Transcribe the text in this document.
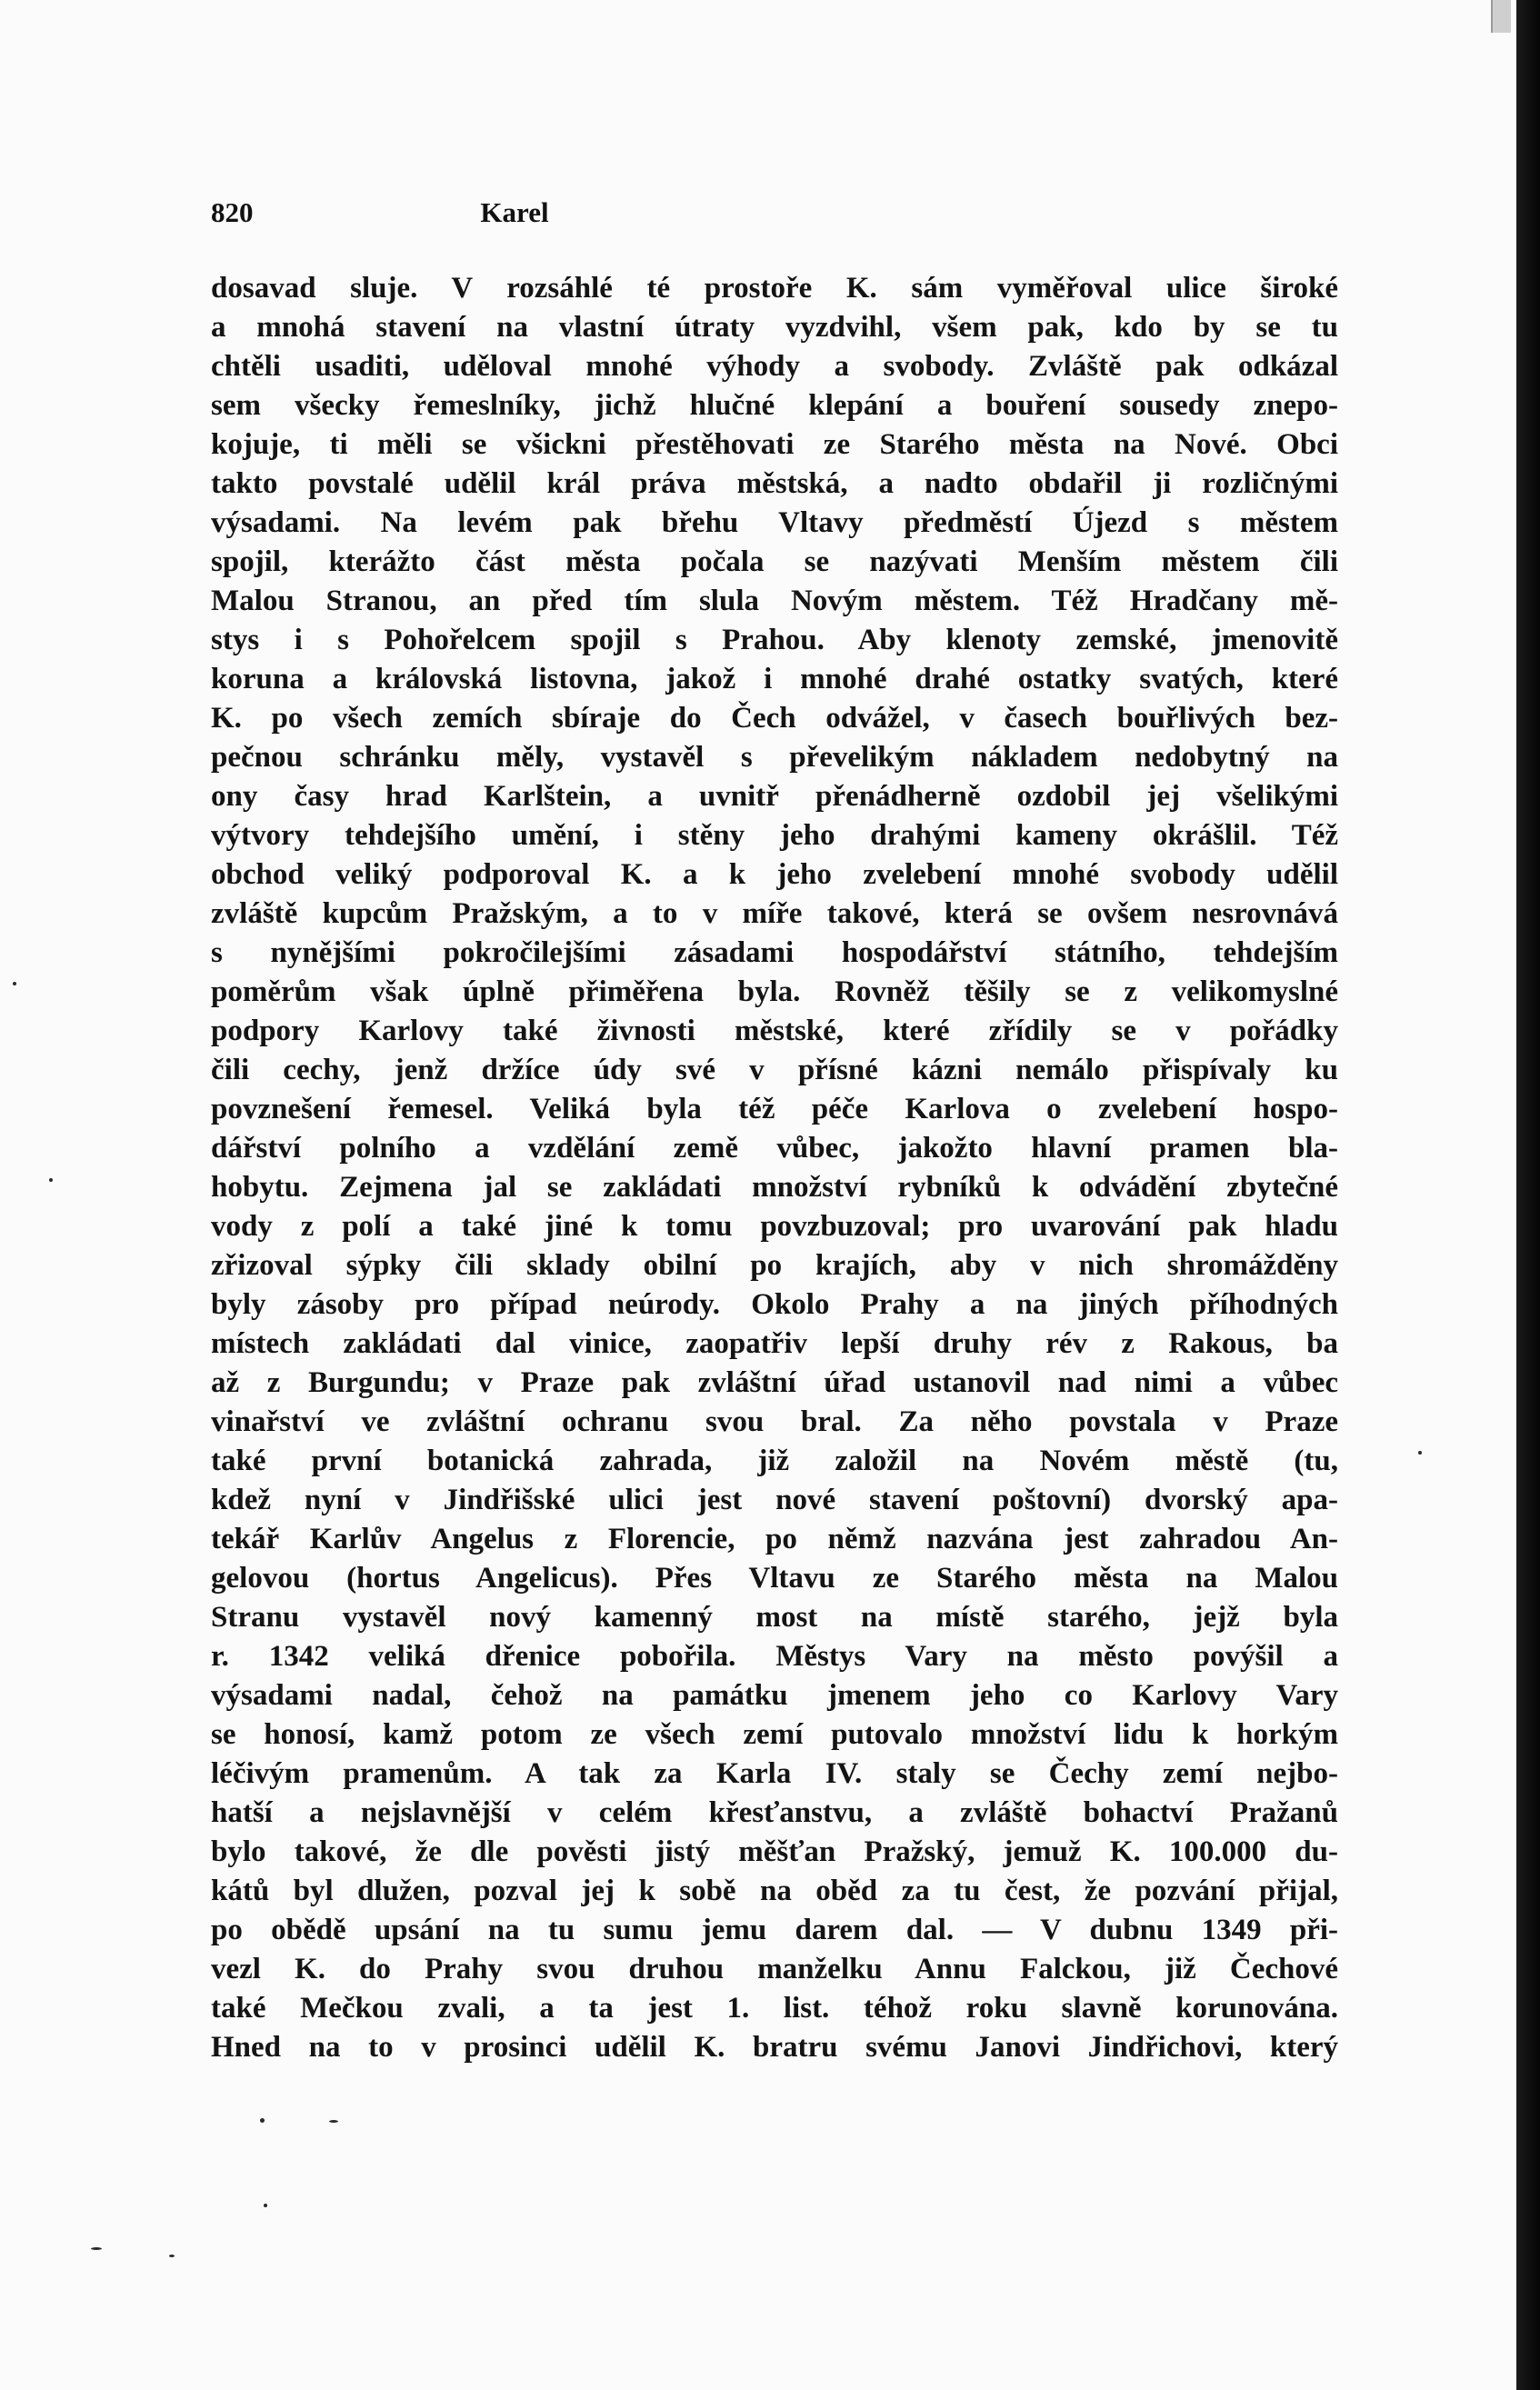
820	Karel
dosavad sluje. V rozsáhlé té prostoře K. sám vyměřoval ulice široké
a mnohá stavení na vlastní útraty vyzdvihl, všem pak, kdo by se tu
chtěli usaditi, uděloval mnohé výhody a svobody. Zvláště pak odkázal
sem všecky řemeslníky, jichž hlučné klepání a bouření sousedy znepo-
kojuje, ti měli se všickni přestěhovati ze Starého města na Nové. Obci
takto povstalé udělil král práva městská, a nadto obdařil ji rozličnými
výsadami. Na levém pak břehu Vltavy předměstí Újezd s městem
spojil, kterážto část města počala se nazývati Menším městem čili
Malou Stranou, an před tím slula Novým městem. Též Hradčany mě-
stys i s Pohořelcem spojil s Prahou. Aby klenoty zemské, jmenovitě
koruna a královská listovna, jakož i mnohé drahé ostatky svatých, které
K. po všech zemích sbíraje do Čech odvážel, v časech bouřlivých bez-
pečnou schránku měly, vystavěl s převelikým nákladem nedobytný na
ony časy hrad Karlštein, a uvnitř přenádherně ozdobil jej všelikými
výtvory tehdejšího umění, i stěny jeho drahými kameny okrášlil. Též
obchod veliký podporoval K. a k jeho zvelebení mnohé svobody udělil
zvláště kupcům Pražským, a to v míře takové, která se ovšem nesrovnává
s nynějšími pokročilejšími zásadami hospodářství státního, tehdejším
poměrům však úplně přiměřena byla. Rovněž těšily se z velikomyslné
podpory Karlovy také živnosti městské, které zřídily se v pořádky
čili cechy, jenž držíce údy své v přísné kázni nemálo přispívaly ku
povznešení řemesel. Veliká byla též péče Karlova o zvelebení hospo-
dářství polního a vzdělání země vůbec, jakožto hlavní pramen bla-
hobytu. Zejmena jal se zakládati množství rybníků k odvádění zbytečné
vody z polí a také jiné k tomu povzbuzoval; pro uvarování pak hladu
zřizoval sýpky čili sklady obilní po krajích, aby v nich shromážděny
byly zásoby pro případ neúrody. Okolo Prahy a na jiných příhodných
místech zakládati dal vinice, zaopatřiv lepší druhy rév z Rakous, ba
až z Burgundu; v Praze pak zvláštní úřad ustanovil nad nimi a vůbec
vinařství ve zvláštní ochranu svou bral. Za něho povstala v Praze
také první botanická zahrada, již založil na Novém městě (tu,
kdež nyní v Jindřišské ulici jest nové stavení poštovní) dvorský apa-
tekář Karlův Angelus z Florencie, po němž nazvána jest zahradou An-
gelovou (hortus Angelicus). Přes Vltavu ze Starého města na Malou
Stranu vystavěl nový kamenný most na místě starého, jejž byla
r. 1342 veliká dřenice pobořila. Městys Vary na město povýšil a
výsadami nadal, čehož na památku jmenem jeho co Karlovy Vary
se honosí, kamž potom ze všech zemí putovalo množství lidu k horkým
léčivým pramenům. A tak za Karla IV. staly se Čechy zemí nejbo-
hatší a nejslavnější v celém křesťanstvu, a zvláště bohactví Pražanů
bylo takové, že dle pověsti jistý měšťan Pražský, jemuž K. 100.000 du-
kátů byl dlužen, pozval jej k sobě na oběd za tu čest, že pozvání přijal,
po obědě upsání na tu sumu jemu darem dal. — V dubnu 1349 při-
vezl K. do Prahy svou druhou manželku Annu Falckou, již Čechové
také Mečkou zvali, a ta jest 1. list. téhož roku slavně korunována.
Hned na to v prosinci udělil K. bratru svému Janovi Jindřichovi, který
